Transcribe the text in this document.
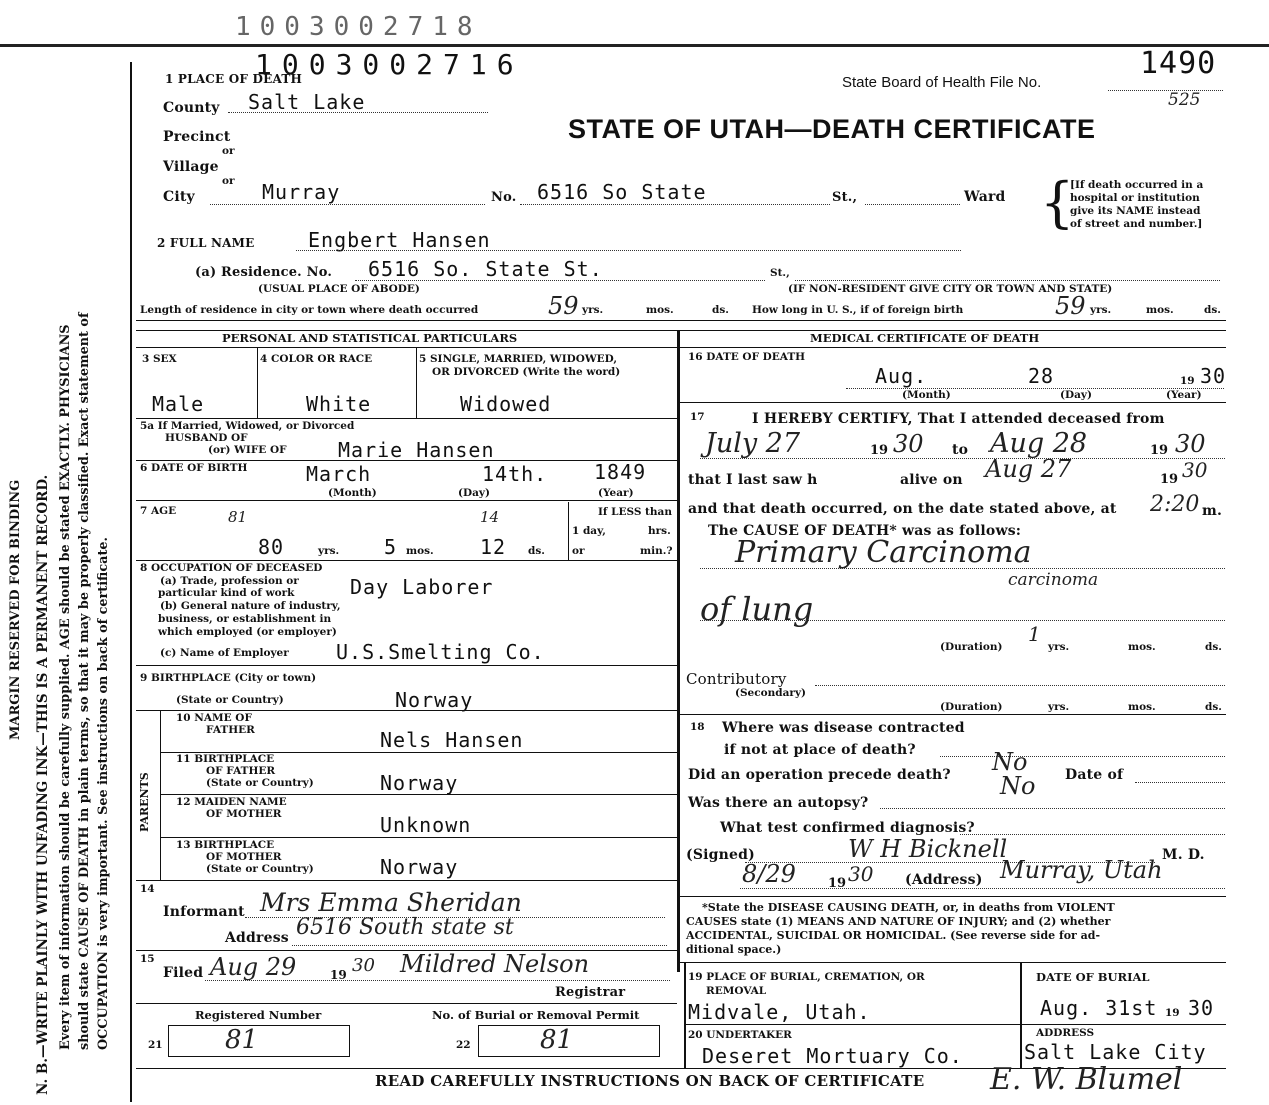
1003002718
MARGIN RESERVED FOR BINDING N. B.—WRITE PLAINLY WITH UNFADING INK—THIS IS A PERMANENT RECORD. Every item of information should be carefully supplied. AGE should be stated EXACTLY. PHYSICIANS should state CAUSE OF DEATH in plain terms, so that it may be properly classified. Exact statement of OCCUPATION is very important. See instructions on back of certificate.
1003002716
1 PLACE OF DEATH	State Board of Health File No.
1490
525
STATE OF UTAH—DEATH CERTIFICATE
County Salt Lake
Precinct
or
Village
or
City	Murray	No. 6516 So State	St.,	Ward {
[If death occurred in a
hospital or institution
give its NAME instead
of street and number.]
2 FULL NAME	Engbert Hansen
(a) Residence. No. 6516 So. State St.	St.,
(USUAL PLACE OF ABODE)	(IF NON-RESIDENT GIVE CITY OR TOWN AND STATE)
Length of residence in city or town where death occurred	59 yrs.	mos.	ds. How long in U. S., if of foreign birth	59 yrs.	mos.	ds.
PERSONAL AND STATISTICAL PARTICULARS	MEDICAL CERTIFICATE OF DEATH
3 SEX
Male
4 COLOR OR RACE
White
5 SINGLE, MARRIED, WIDOWED,
OR DIVORCED (Write the word)
Widowed
5a If Married, Widowed, or Divorced
HUSBAND OF
(or) WIFE OF	Marie Hansen
6 DATE OF BIRTH	March	14th. 1849
(Month)	(Day)	(Year)
7 AGE	81	14
80	yrs. 5 mos. 12 ds.
If LESS than
1 day,	hrs.
or	min.?
8 OCCUPATION OF DECEASED
(a) Trade, profession or
particular kind of work	Day Laborer
(b) General nature of industry,
business, or establishment in
which employed (or employer)
(c) Name of Employer U.S.Smelting Co.
9 BIRTHPLACE (City or town)
(State or Country)	Norway
PARENTS
10 NAME OF
FATHER	Nels Hansen
11 BIRTHPLACE
OF FATHER
(State or Country)	Norway
12 MAIDEN NAME
OF MOTHER	Unknown
13 BIRTHPLACE
OF MOTHER
(State or Country)	Norway
14
Informant Mrs Emma Sheridan
Address 6516 South state st
15
Filed Aug 29	19 30 Mildred Nelson
Registrar
Registered Number
21 81
No. of Burial or Removal Permit
22	81
16 DATE OF DEATH
Aug.	28	19 30
(Month)	(Day)	(Year)
17	I HEREBY CERTIFY, That I attended deceased from
July 27	19 30 to Aug 28	19 30
that I last saw h	alive on Aug 27	19 30
and that death occurred, on the date stated above, at 2:20 m.
The CAUSE OF DEATH* was as follows:
Primary Carcinoma
carcinoma
of lung
(Duration)
1
yrs.	mos.	ds.
Contributory
(Secondary)
(Duration)	yrs.	mos.	ds.
18 Where was disease contracted
if not at place of death?
Did an operation precede death? No	Date of
Was there an autopsy?
No
What test confirmed diagnosis?
(Signed)	W H Bicknell	M. D.
8/29 19 30 (Address) Murray, Utah
*State the DISEASE CAUSING DEATH, or, in deaths from VIOLENT
CAUSES state (1) MEANS AND NATURE OF INJURY; and (2) whether
ACCIDENTAL, SUICIDAL OR HOMICIDAL. (See reverse side for ad-
ditional space.)
19 PLACE OF BURIAL, CREMATION, OR
REMOVAL
Midvale, Utah.
DATE OF BURIAL
Aug. 31st 19 30
20 UNDERTAKER
Deseret Mortuary Co.
ADDRESS
Salt Lake City
READ CAREFULLY INSTRUCTIONS ON BACK OF CERTIFICATE E. W. Blumel
